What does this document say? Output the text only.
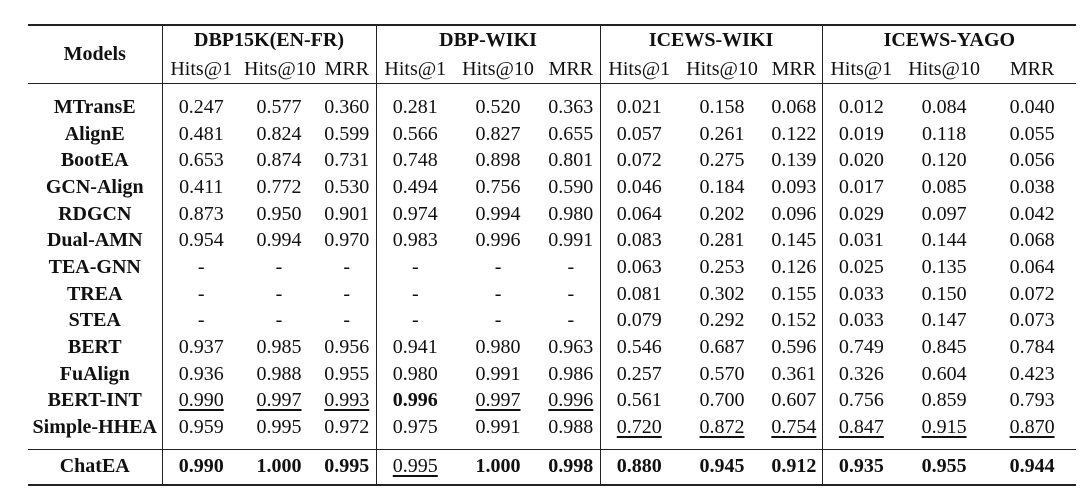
Models	DBP15K(EN-FR)			DBP-WIKI			ICEWS-WIKI			ICEWS-YAGO		
	Hits@1	Hits@10	MRR	Hits@1	Hits@10	MRR	Hits@1	Hits@10	MRR	Hits@1	Hits@10	MRR
MTransE	0.247	0.577	0.360	0.281	0.520	0.363	0.021	0.158	0.068	0.012	0.084	0.040
AlignE	0.481	0.824	0.599	0.566	0.827	0.655	0.057	0.261	0.122	0.019	0.118	0.055
BootEA	0.653	0.874	0.731	0.748	0.898	0.801	0.072	0.275	0.139	0.020	0.120	0.056
GCN-Align	0.411	0.772	0.530	0.494	0.756	0.590	0.046	0.184	0.093	0.017	0.085	0.038
RDGCN	0.873	0.950	0.901	0.974	0.994	0.980	0.064	0.202	0.096	0.029	0.097	0.042
Dual-AMN	0.954	0.994	0.970	0.983	0.996	0.991	0.083	0.281	0.145	0.031	0.144	0.068
TEA-GNN	-	-	-	-	-	-	0.063	0.253	0.126	0.025	0.135	0.064
TREA	-	-	-	-	-	-	0.081	0.302	0.155	0.033	0.150	0.072
STEA	-	-	-	-	-	-	0.079	0.292	0.152	0.033	0.147	0.073
BERT	0.937	0.985	0.956	0.941	0.980	0.963	0.546	0.687	0.596	0.749	0.845	0.784
FuAlign	0.936	0.988	0.955	0.980	0.991	0.986	0.257	0.570	0.361	0.326	0.604	0.423
BERT-INT	0.990	0.997	0.993	0.996	0.997	0.996	0.561	0.700	0.607	0.756	0.859	0.793
Simple-HHEA	0.959	0.995	0.972	0.975	0.991	0.988	0.720	0.872	0.754	0.847	0.915	0.870
ChatEA	0.990	1.000	0.995	0.995	1.000	0.998	0.880	0.945	0.912	0.935	0.955	0.944
